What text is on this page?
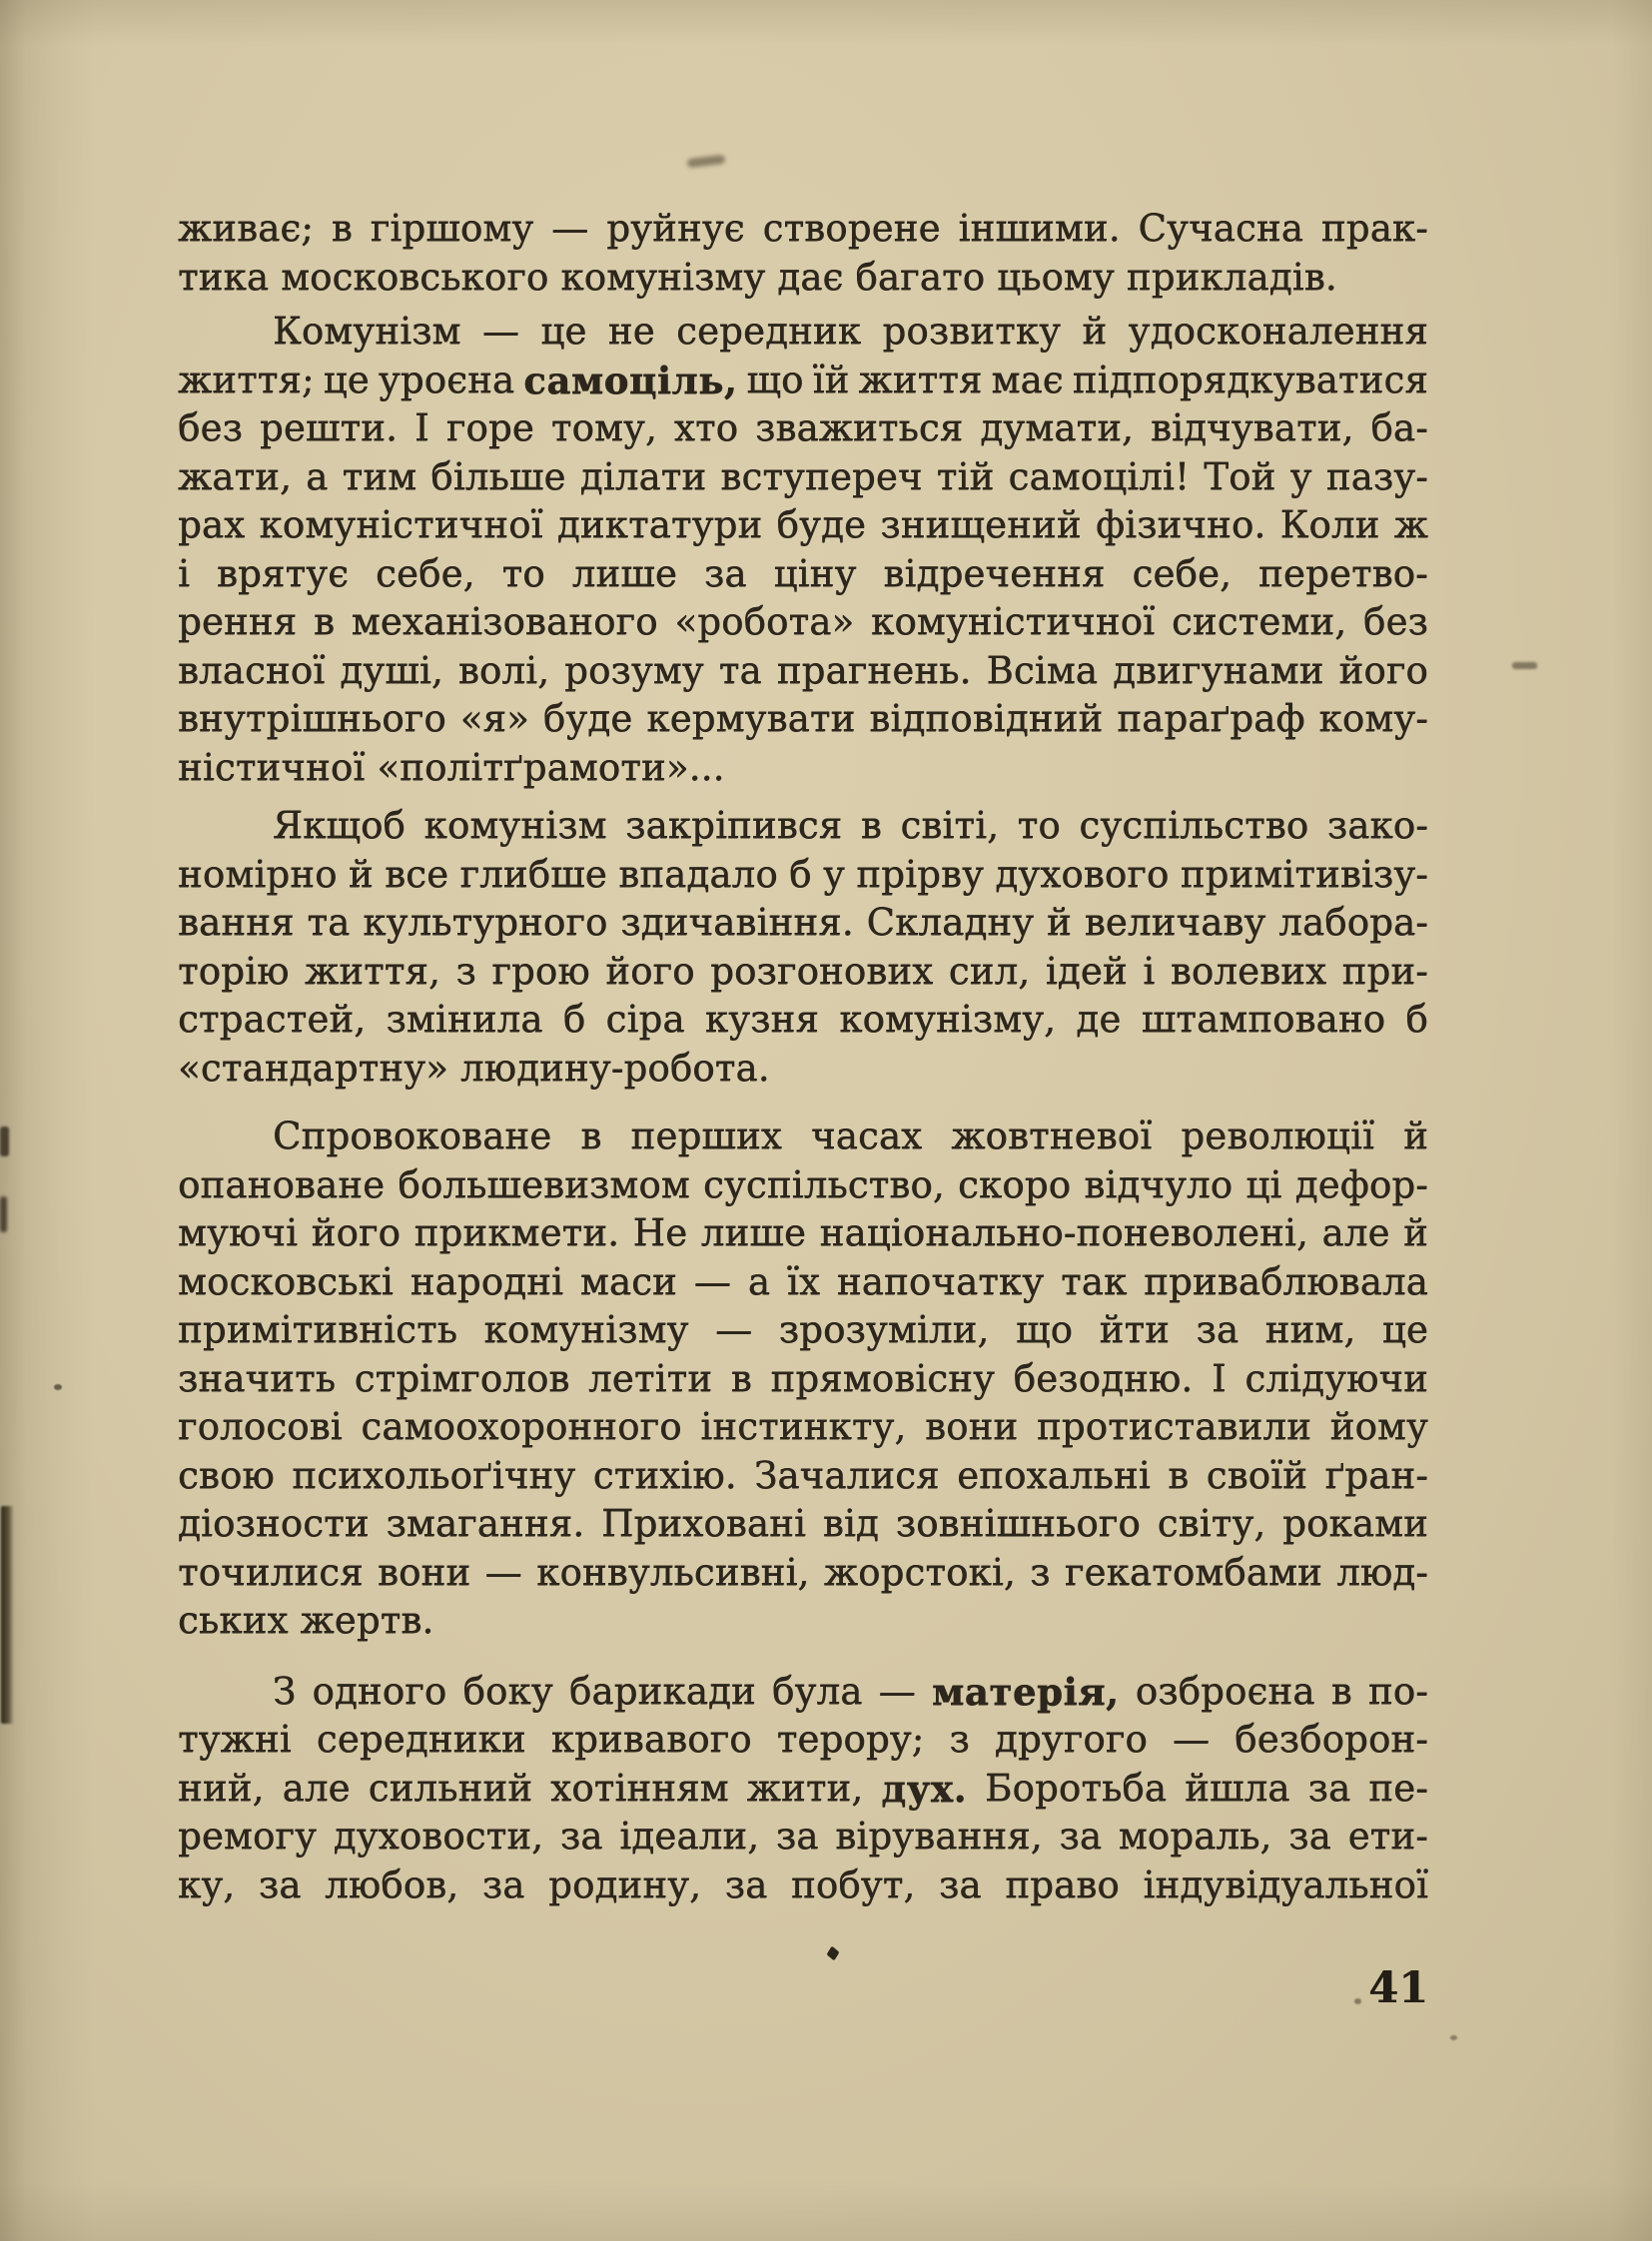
живає; в гіршому — руйнує створене іншими. Сучасна прак-
тика московського комунізму дає багато цьому прикладів.
Комунізм — це не середник розвитку й удосконалення
життя; це уроєна самоціль, що їй життя має підпорядкуватися
без решти. І горе тому, хто зважиться думати, відчувати, ба-
жати, а тим більше ділати вступереч тій самоцілі! Той у пазу-
рах комуністичної диктатури буде знищений фізично. Коли ж
і врятує себе, то лише за ціну відречення себе, перетво-
рення в механізованого «робота» комуністичної системи, без
власної душі, волі, розуму та прагнень. Всіма двигунами його
внутрішнього «я» буде кермувати відповідний параґраф кому-
ністичної «політґрамоти»...
Якщоб комунізм закріпився в світі, то суспільство зако-
номірно й все глибше впадало б у прірву духового примітивізу-
вання та культурного здичавіння. Складну й величаву лабора-
торію життя, з грою його розгонових сил, ідей і волевих при-
страстей, змінила б сіра кузня комунізму, де штамповано б
«стандартну» людину-робота.
Спровоковане в перших часах жовтневої революції й
опановане большевизмом суспільство, скоро відчуло ці дефор-
муючі його прикмети. Не лише національно-поневолені, але й
московські народні маси — а їх напочатку так приваблювала
примітивність комунізму — зрозуміли, що йти за ним, це
значить стрімголов летіти в прямовісну безодню. І слідуючи
голосові самоохоронного інстинкту, вони протиставили йому
свою психольоґічну стихію. Зачалися епохальні в своїй ґран-
діозности змагання. Приховані від зовнішнього світу, роками
точилися вони — конвульсивні, жорстокі, з гекатомбами люд-
ських жертв.
З одного боку барикади була — матерія, озброєна в по-
тужні середники кривавого терору; з другого — безборон-
ний, але сильний хотінням жити, дух. Боротьба йшла за пе-
ремогу духовости, за ідеали, за вірування, за мораль, за ети-
ку, за любов, за родину, за побут, за право індувідуальної
41
